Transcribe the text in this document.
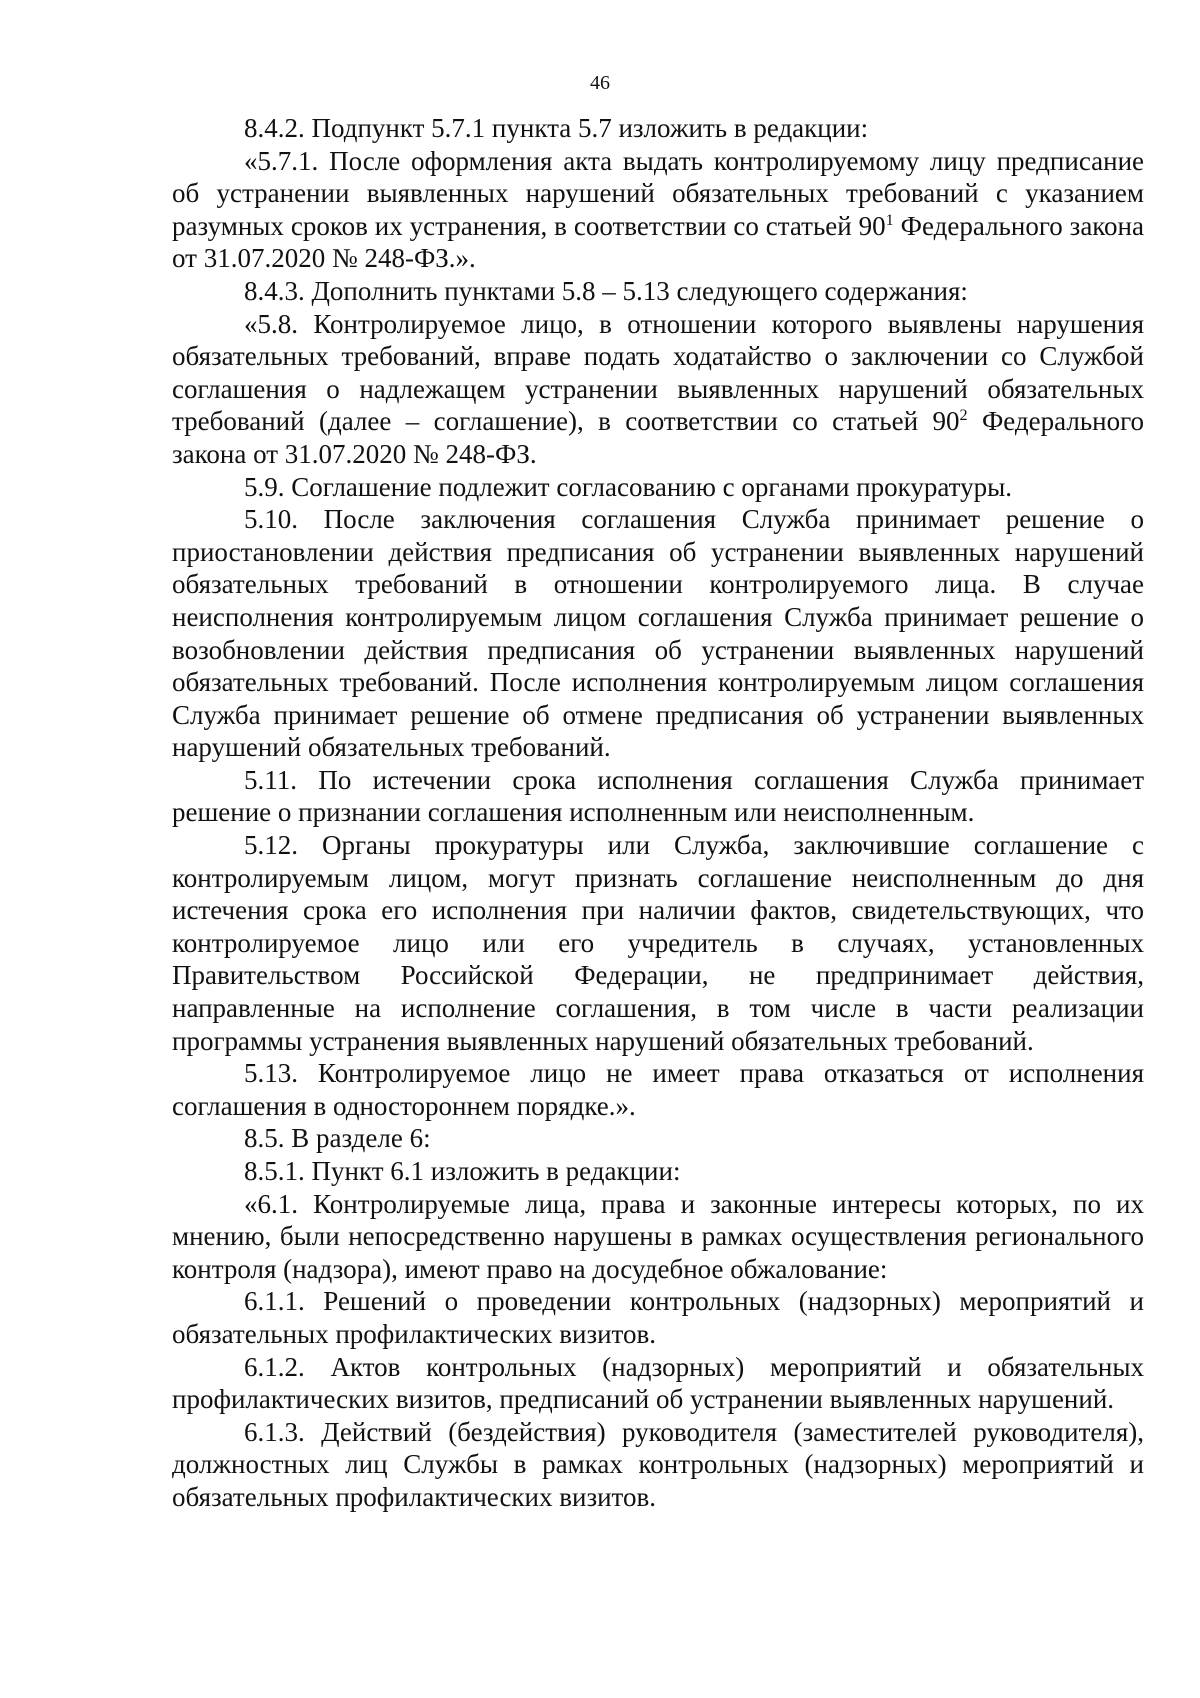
46

8.4.2. Подпункт 5.7.1 пункта 5.7 изложить в редакции:

«5.7.1. После оформления акта выдать контролируемому лицу предписание об устранении выявленных нарушений обязательных требований с указанием разумных сроков их устранения, в соответствии со статьей $90^1$ Федерального закона от 31.07.2020 № 248-ФЗ.».

8.4.3. Дополнить пунктами 5.8 – 5.13 следующего содержания:

«5.8. Контролируемое лицо, в отношении которого выявлены нарушения обязательных требований, вправе подать ходатайство о заключении со Службой соглашения о надлежащем устранении выявленных нарушений обязательных требований (далее – соглашение), в соответствии со статьей $90^2$ Федерального закона от 31.07.2020 № 248-ФЗ.

5.9. Соглашение подлежит согласованию с органами прокуратуры.

5.10. После заключения соглашения Служба принимает решение о приостановлении действия предписания об устранении выявленных нарушений обязательных требований в отношении контролируемого лица. В случае неисполнения контролируемым лицом соглашения Служба принимает решение о возобновлении действия предписания об устранении выявленных нарушений обязательных требований. После исполнения контролируемым лицом соглашения Служба принимает решение об отмене предписания об устранении выявленных нарушений обязательных требований.

5.11. По истечении срока исполнения соглашения Служба принимает решение о признании соглашения исполненным или неисполненным.

5.12. Органы прокуратуры или Служба, заключившие соглашение с контролируемым лицом, могут признать соглашение неисполненным до дня истечения срока его исполнения при наличии фактов, свидетельствующих, что контролируемое лицо или его учредитель в случаях, установленных Правительством Российской Федерации, не предпринимает действия, направленные на исполнение соглашения, в том числе в части реализации программы устранения выявленных нарушений обязательных требований.

5.13. Контролируемое лицо не имеет права отказаться от исполнения соглашения в одностороннем порядке.».

8.5. В разделе 6:

8.5.1. Пункт 6.1 изложить в редакции:

«6.1. Контролируемые лица, права и законные интересы которых, по их мнению, были непосредственно нарушены в рамках осуществления регионального контроля (надзора), имеют право на досудебное обжалование:

6.1.1. Решений о проведении контрольных (надзорных) мероприятий и обязательных профилактических визитов.

6.1.2. Актов контрольных (надзорных) мероприятий и обязательных профилактических визитов, предписаний об устранении выявленных нарушений.

6.1.3. Действий (бездействия) руководителя (заместителей руководителя), должностных лиц Службы в рамках контрольных (надзорных) мероприятий и обязательных профилактических визитов.
